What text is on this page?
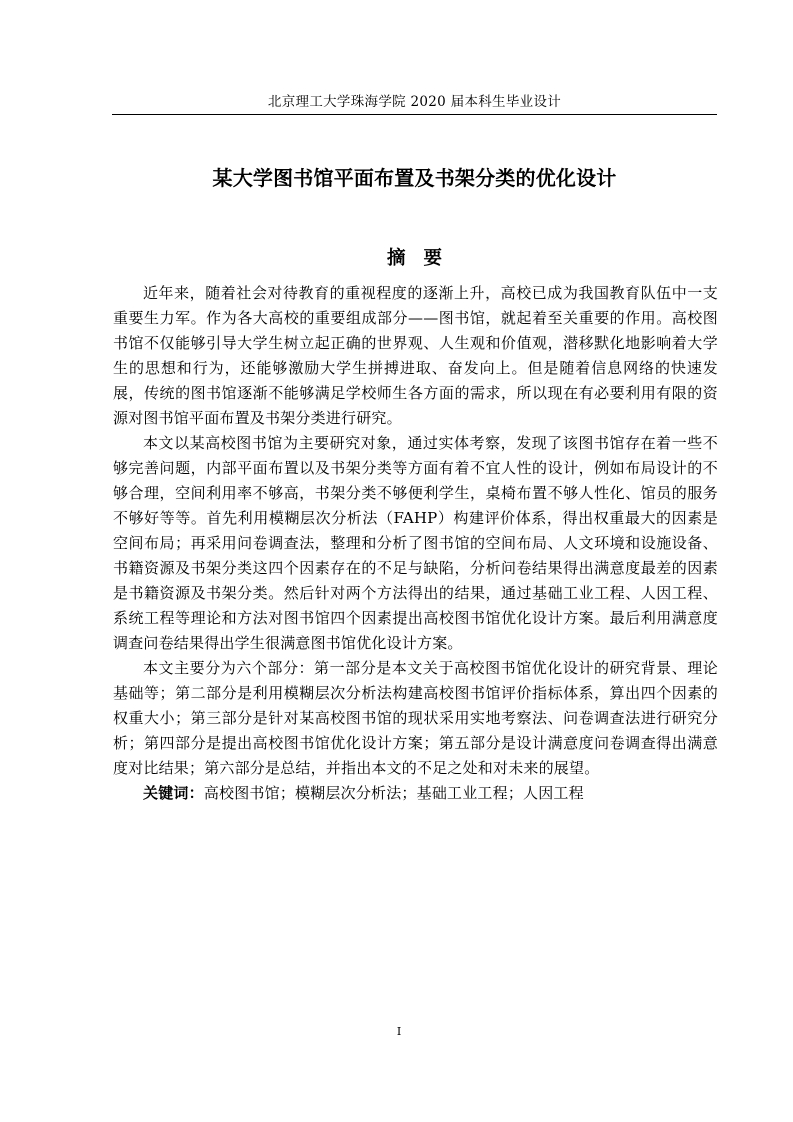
北京理工大学珠海学院 2020 届本科生毕业设计
某大学图书馆平面布置及书架分类的优化设计
摘要

近年来，随着社会对待教育的重视程度的逐渐上升，高校已成为我国教育队伍中一支重要生力军。作为各大高校的重要组成部分——图书馆，就起着至关重要的作用。高校图书馆不仅能够引导大学生树立起正确的世界观、人生观和价值观，潜移默化地影响着大学生的思想和行为，还能够激励大学生拼搏进取、奋发向上。但是随着信息网络的快速发展，传统的图书馆逐渐不能够满足学校师生各方面的需求，所以现在有必要利用有限的资源对图书馆平面布置及书架分类进行研究。

本文以某高校图书馆为主要研究对象，通过实体考察，发现了该图书馆存在着一些不够完善问题，内部平面布置以及书架分类等方面有着不宜人性的设计，例如布局设计的不够合理，空间利用率不够高，书架分类不够便利学生，桌椅布置不够人性化、馆员的服务不够好等等。首先利用模糊层次分析法（FAHP）构建评价体系，得出权重最大的因素是空间布局；再采用问卷调查法，整理和分析了图书馆的空间布局、人文环境和设施设备、书籍资源及书架分类这四个因素存在的不足与缺陷，分析问卷结果得出满意度最差的因素是书籍资源及书架分类。然后针对两个方法得出的结果，通过基础工业工程、人因工程、系统工程等理论和方法对图书馆四个因素提出高校图书馆优化设计方案。最后利用满意度调查问卷结果得出学生很满意图书馆优化设计方案。

本文主要分为六个部分：第一部分是本文关于高校图书馆优化设计的研究背景、理论基础等；第二部分是利用模糊层次分析法构建高校图书馆评价指标体系，算出四个因素的权重大小；第三部分是针对某高校图书馆的现状采用实地考察法、问卷调查法进行研究分析；第四部分是提出高校图书馆优化设计方案；第五部分是设计满意度问卷调查得出满意度对比结果；第六部分是总结，并指出本文的不足之处和对未来的展望。

关键词：高校图书馆；模糊层次分析法；基础工业工程；人因工程

I
